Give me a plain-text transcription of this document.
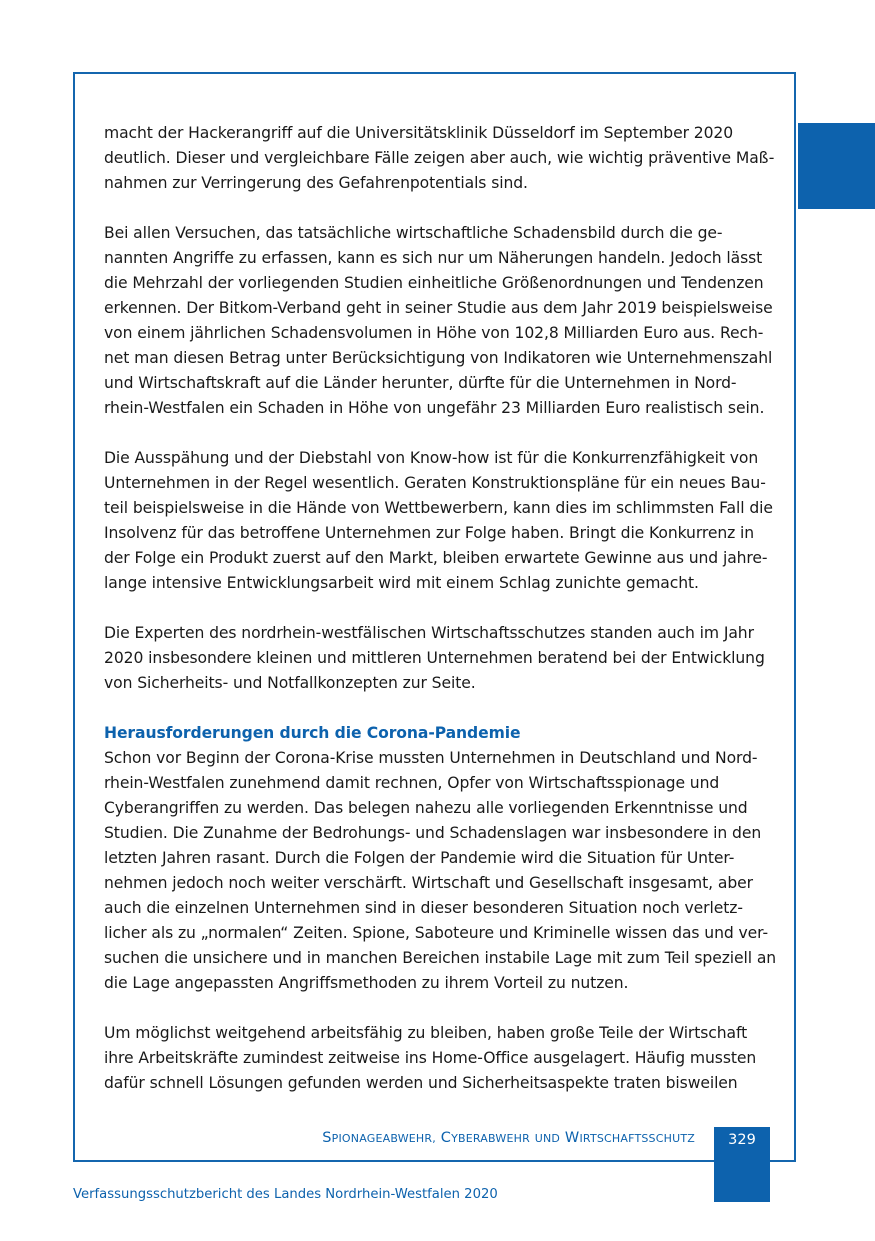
macht der Hackerangriff auf die Universitätsklinik Düsseldorf im September 2020
deutlich. Dieser und vergleichbare Fälle zeigen aber auch, wie wichtig präventive Maß-
nahmen zur Verringerung des Gefahrenpotentials sind.
Bei allen Versuchen, das tatsächliche wirtschaftliche Schadensbild durch die ge-
nannten Angriffe zu erfassen, kann es sich nur um Näherungen handeln. Jedoch lässt
die Mehrzahl der vorliegenden Studien einheitliche Größenordnungen und Tendenzen
erkennen. Der Bitkom-Verband geht in seiner Studie aus dem Jahr 2019 beispielsweise
von einem jährlichen Schadensvolumen in Höhe von 102,8 Milliarden Euro aus. Rech-
net man diesen Betrag unter Berücksichtigung von Indikatoren wie Unternehmenszahl
und Wirtschaftskraft auf die Länder herunter, dürfte für die Unternehmen in Nord-
rhein-Westfalen ein Schaden in Höhe von ungefähr 23 Milliarden Euro realistisch sein.
Die Ausspähung und der Diebstahl von Know-how ist für die Konkurrenzfähigkeit von
Unternehmen in der Regel wesentlich. Geraten Konstruktionspläne für ein neues Bau-
teil beispielsweise in die Hände von Wettbewerbern, kann dies im schlimmsten Fall die
Insolvenz für das betroffene Unternehmen zur Folge haben. Bringt die Konkurrenz in
der Folge ein Produkt zuerst auf den Markt, bleiben erwartete Gewinne aus und jahre-
lange intensive Entwicklungsarbeit wird mit einem Schlag zunichte gemacht.
Die Experten des nordrhein-westfälischen Wirtschaftsschutzes standen auch im Jahr
2020 insbesondere kleinen und mittleren Unternehmen beratend bei der Entwicklung
von Sicherheits- und Notfallkonzepten zur Seite.
Herausforderungen durch die Corona-Pandemie
Schon vor Beginn der Corona-Krise mussten Unternehmen in Deutschland und Nord-
rhein-Westfalen zunehmend damit rechnen, Opfer von Wirtschaftsspionage und
Cyberangriffen zu werden. Das belegen nahezu alle vorliegenden Erkenntnisse und
Studien. Die Zunahme der Bedrohungs- und Schadenslagen war insbesondere in den
letzten Jahren rasant. Durch die Folgen der Pandemie wird die Situation für Unter-
nehmen jedoch noch weiter verschärft. Wirtschaft und Gesellschaft insgesamt, aber
auch die einzelnen Unternehmen sind in dieser besonderen Situation noch verletz-
licher als zu „normalen“ Zeiten. Spione, Saboteure und Kriminelle wissen das und ver-
suchen die unsichere und in manchen Bereichen instabile Lage mit zum Teil speziell an
die Lage angepassten Angriffsmethoden zu ihrem Vorteil zu nutzen.
Um möglichst weitgehend arbeitsfähig zu bleiben, haben große Teile der Wirtschaft
ihre Arbeitskräfte zumindest zeitweise ins Home-Office ausgelagert. Häufig mussten
dafür schnell Lösungen gefunden werden und Sicherheitsaspekte traten bisweilen
SPIONAGEABWEHR, CYBERABWEHR UND WIRTSCHAFTSSCHUTZ	329
Verfassungsschutzbericht des Landes Nordrhein-Westfalen 2020
